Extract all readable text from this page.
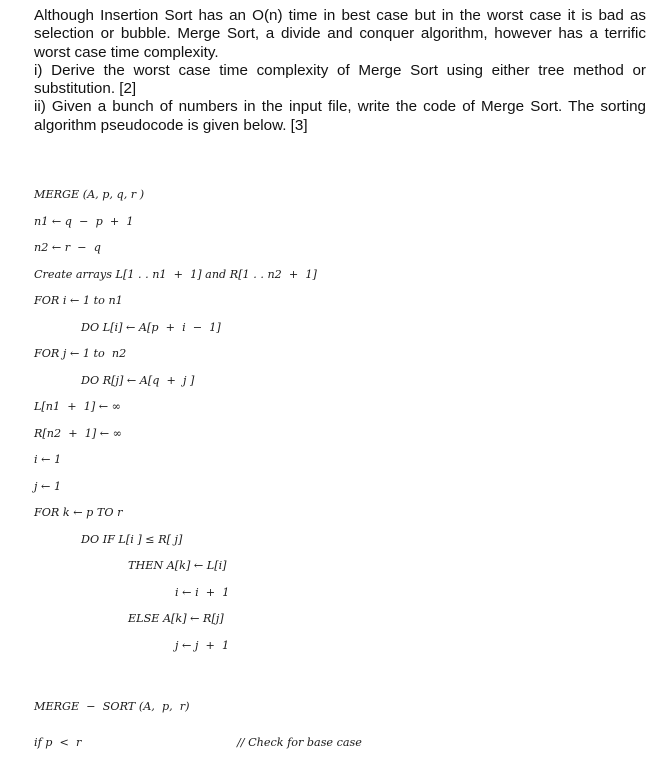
Although Insertion Sort has an O(n) time in best case but in the worst case it is bad as selection or bubble. Merge Sort, a divide and conquer algorithm, however has a terrific worst case time complexity.

i) Derive the worst case time complexity of Merge Sort using either tree method or substitution. [2]

ii) Given a bunch of numbers in the input file, write the code of Merge Sort. The sorting algorithm pseudocode is given below. [3]

MERGE (A, p, q, r )
n1 ← q  −  p  +  1
n2 ← r  −  q
Create arrays L[1 . . n1  +  1] and R[1 . . n2  +  1]
FOR i ← 1 to n1
DO L[i] ← A[p  +  i  −  1]
FOR j ← 1 to  n2
DO R[j] ← A[q  +  j ]
L[n1  +  1] ← ∞
R[n2  +  1] ← ∞
i ← 1
j ← 1
FOR k ← p TO r
DO IF L[i ] ≤ R[ j]
THEN A[k] ← L[i]
i ← i  +  1
ELSE A[k] ← R[j]
j ← j  +  1
MERGE  −  SORT (A,  p,  r)
if p  <  r	// Check for base case
